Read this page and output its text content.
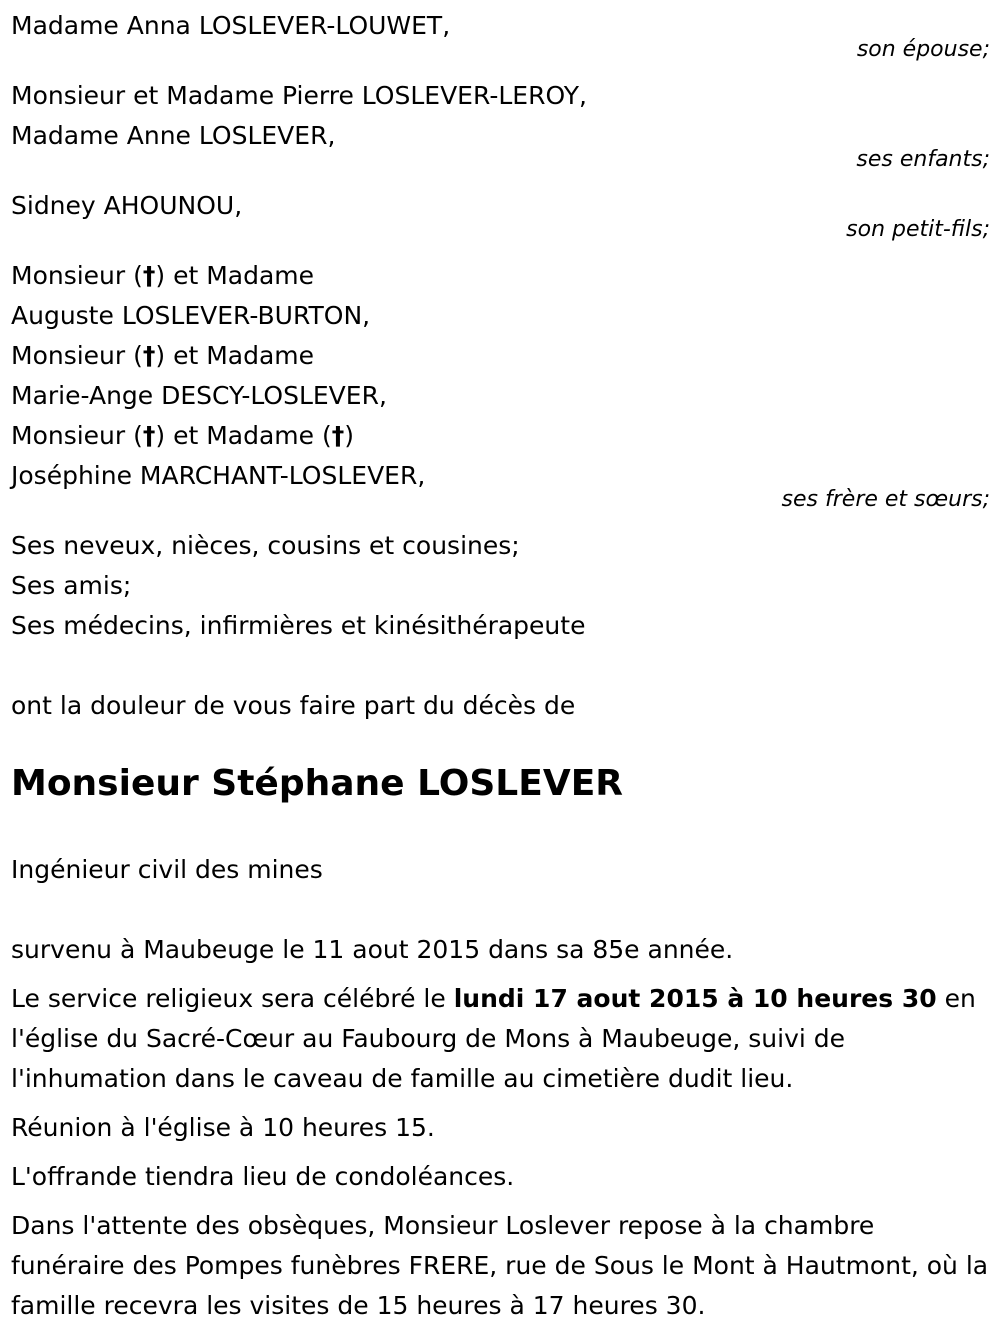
Madame Anna LOSLEVER-LOUWET,
son épouse;
Monsieur et Madame Pierre LOSLEVER-LEROY,
Madame Anne LOSLEVER,
ses enfants;
Sidney AHOUNOU,
son petit-fils;
Monsieur (†) et Madame
Auguste LOSLEVER-BURTON,
Monsieur (†) et Madame
Marie-Ange DESCY-LOSLEVER,
Monsieur (†) et Madame (†)
Joséphine MARCHANT-LOSLEVER,
ses frère et sœurs;
Ses neveux, nièces, cousins et cousines;
Ses amis;
Ses médecins, infirmières et kinésithérapeute
ont la douleur de vous faire part du décès de
Monsieur Stéphane LOSLEVER
Ingénieur civil des mines
survenu à Maubeuge le 11 aout 2015 dans sa 85e année.
Le service religieux sera célébré le lundi 17 aout 2015 à 10 heures 30 en l'église du Sacré-Cœur au Faubourg de Mons à Maubeuge, suivi de l'inhumation dans le caveau de famille au cimetière dudit lieu.
Réunion à l'église à 10 heures 15.
L'offrande tiendra lieu de condoléances.
Dans l'attente des obsèques, Monsieur Loslever repose à la chambre funéraire des Pompes funèbres FRERE, rue de Sous le Mont à Hautmont, où la famille recevra les visites de 15 heures à 17 heures 30.
